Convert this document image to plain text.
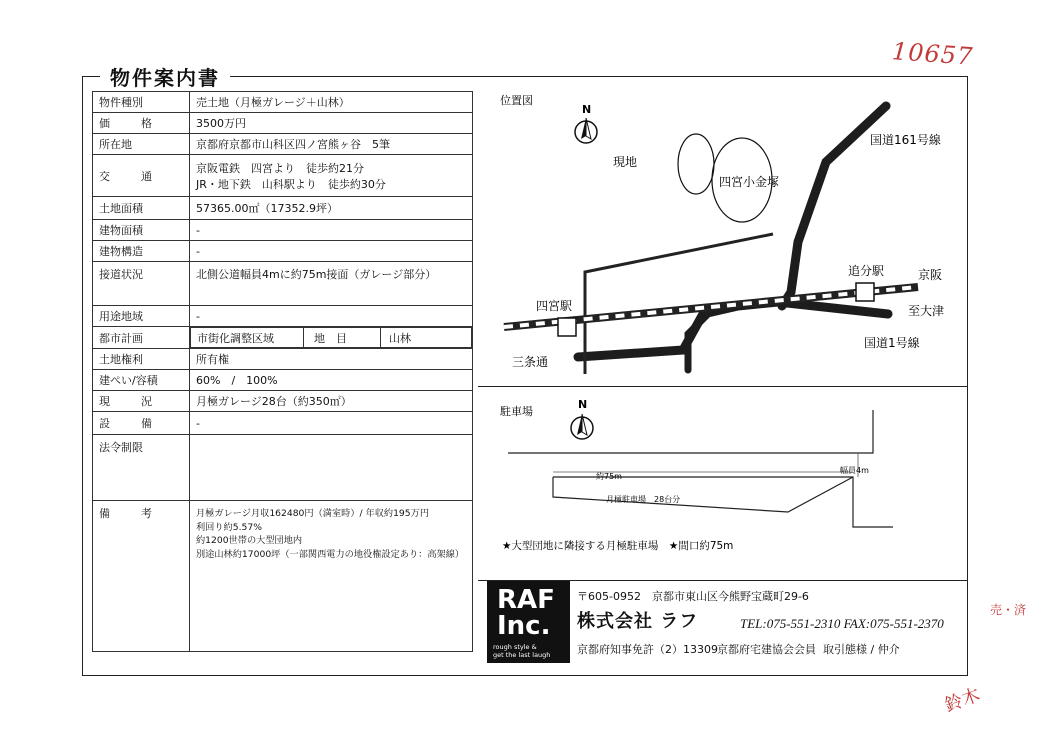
10657
売・済
鈴木
物件案内書
物件種別	売土地（月極ガレージ＋山林）
価　格	3500万円
所在地	京都府京都市山科区四ノ宮熊ヶ谷　5筆
交　通	
京阪電鉄　四宮より　徒歩約21分
JR・地下鉄　山科駅より　徒歩約30分

土地面積	57365.00㎡（17352.9坪）
建物面積	-
建物構造	-
接道状況	北側公道幅員4mに約75m接面（ガレージ部分）
用途地域	-
都市計画		市街化調整区域	地　目	山林

土地権利	所有権
建ぺい/容積	60%　/　100%
現　況	月極ガレージ28台（約350㎡）
設　備	-
法令制限	
備　考	月極ガレージ月収162480円（満室時）/ 年収約195万円
利回り約5.57%
約1200世帯の大型団地内
別途山林約17000坪（一部関西電力の地役権設定あり：高架線）
位置図
N
現地
四宮小金塚
国道161号線
追分駅	京阪
至大津
四宮駅
国道1号線
三条通
駐車場
N
約75m
幅員4m
月極駐車場　28台分
★大型団地に隣接する月極駐車場　★間口約75m
RAF
Inc.
rough style &
get the last laugh
〒605-0952　京都市東山区今熊野宝蔵町29-6
株式会社 ラフ	TEL:075-551-2310 FAX:075-551-2370
京都府知事免許（2）13309 京都府宅建協会会員 取引態様 / 仲介
